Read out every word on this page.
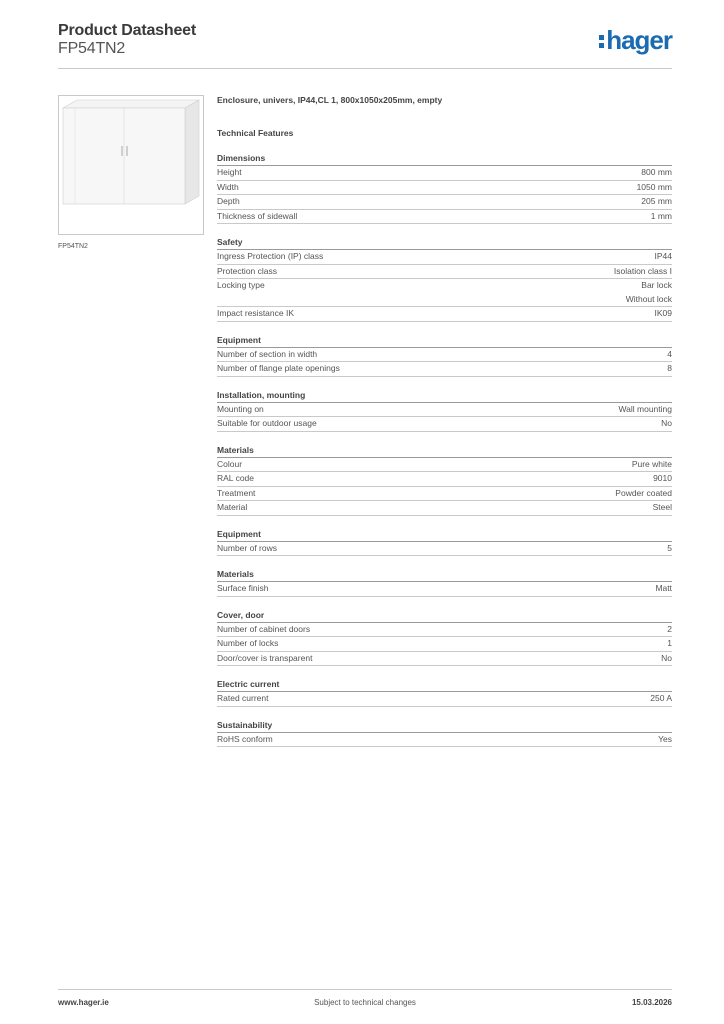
Product Datasheet
FP54TN2	hager
FP54TN2
Enclosure, univers, IP44,CL 1, 800x1050x205mm, empty
Technical Features
Dimensions
Height	800 mm
Width	1050 mm
Depth	205 mm
Thickness of sidewall	1 mm
Safety
Ingress Protection (IP) class	IP44
Protection class	Isolation class I
Locking type	Bar lock
Without lock
Impact resistance IK	IK09
Equipment
Number of section in width	4
Number of flange plate openings	8
Installation, mounting
Mounting on	Wall mounting
Suitable for outdoor usage	No
Materials
Colour	Pure white
RAL code	9010
Treatment	Powder coated
Material	Steel
Equipment
Number of rows	5
Materials
Surface finish	Matt
Cover, door
Number of cabinet doors	2
Number of locks	1
Door/cover is transparent	No
Electric current
Rated current	250 A
Sustainability
RoHS conform	Yes
www.hager.ie	Subject to technical changes	15.03.2026
